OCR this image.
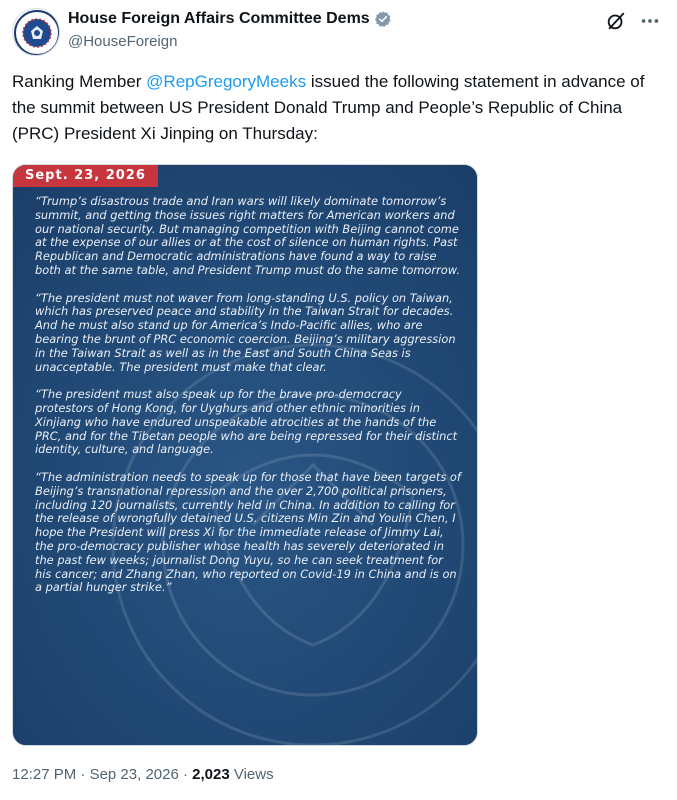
House Foreign Affairs Committee Dems
@HouseForeign
Ranking Member @RepGregoryMeeks issued the following statement in advance of the summit between US President Donald Trump and People’s Republic of China (PRC) President Xi Jinping on Thursday:
Sept. 23, 2026

“Trump’s disastrous trade and Iran wars will likely dominate tomorrow’s summit, and getting those issues right matters for American workers and our national security. But managing competition with Beijing cannot come at the expense of our allies or at the cost of silence on human rights. Past Republican and Democratic administrations have found a way to raise both at the same table, and President Trump must do the same tomorrow.

“The president must not waver from long-standing U.S. policy on Taiwan, which has preserved peace and stability in the Taiwan Strait for decades. And he must also stand up for America’s Indo-Pacific allies, who are bearing the brunt of PRC economic coercion. Beijing’s military aggression in the Taiwan Strait as well as in the East and South China Seas is unacceptable. The president must make that clear.

“The president must also speak up for the brave pro-democracy protestors of Hong Kong, for Uyghurs and other ethnic minorities in Xinjiang who have endured unspeakable atrocities at the hands of the PRC, and for the Tibetan people who are being repressed for their distinct identity, culture, and language.

“The administration needs to speak up for those that have been targets of Beijing’s transnational repression and the over 2,700 political prisoners, including 120 journalists, currently held in China. In addition to calling for the release of wrongfully detained U.S. citizens Min Zin and Youlin Chen, I hope the President will press Xi for the immediate release of Jimmy Lai, the pro-democracy publisher whose health has severely deteriorated in the past few weeks; journalist Dong Yuyu, so he can seek treatment for his cancer; and Zhang Zhan, who reported on Covid-19 in China and is on a partial hunger strike.”

12:27 PM · Sep 23, 2026 · 2,023 Views
